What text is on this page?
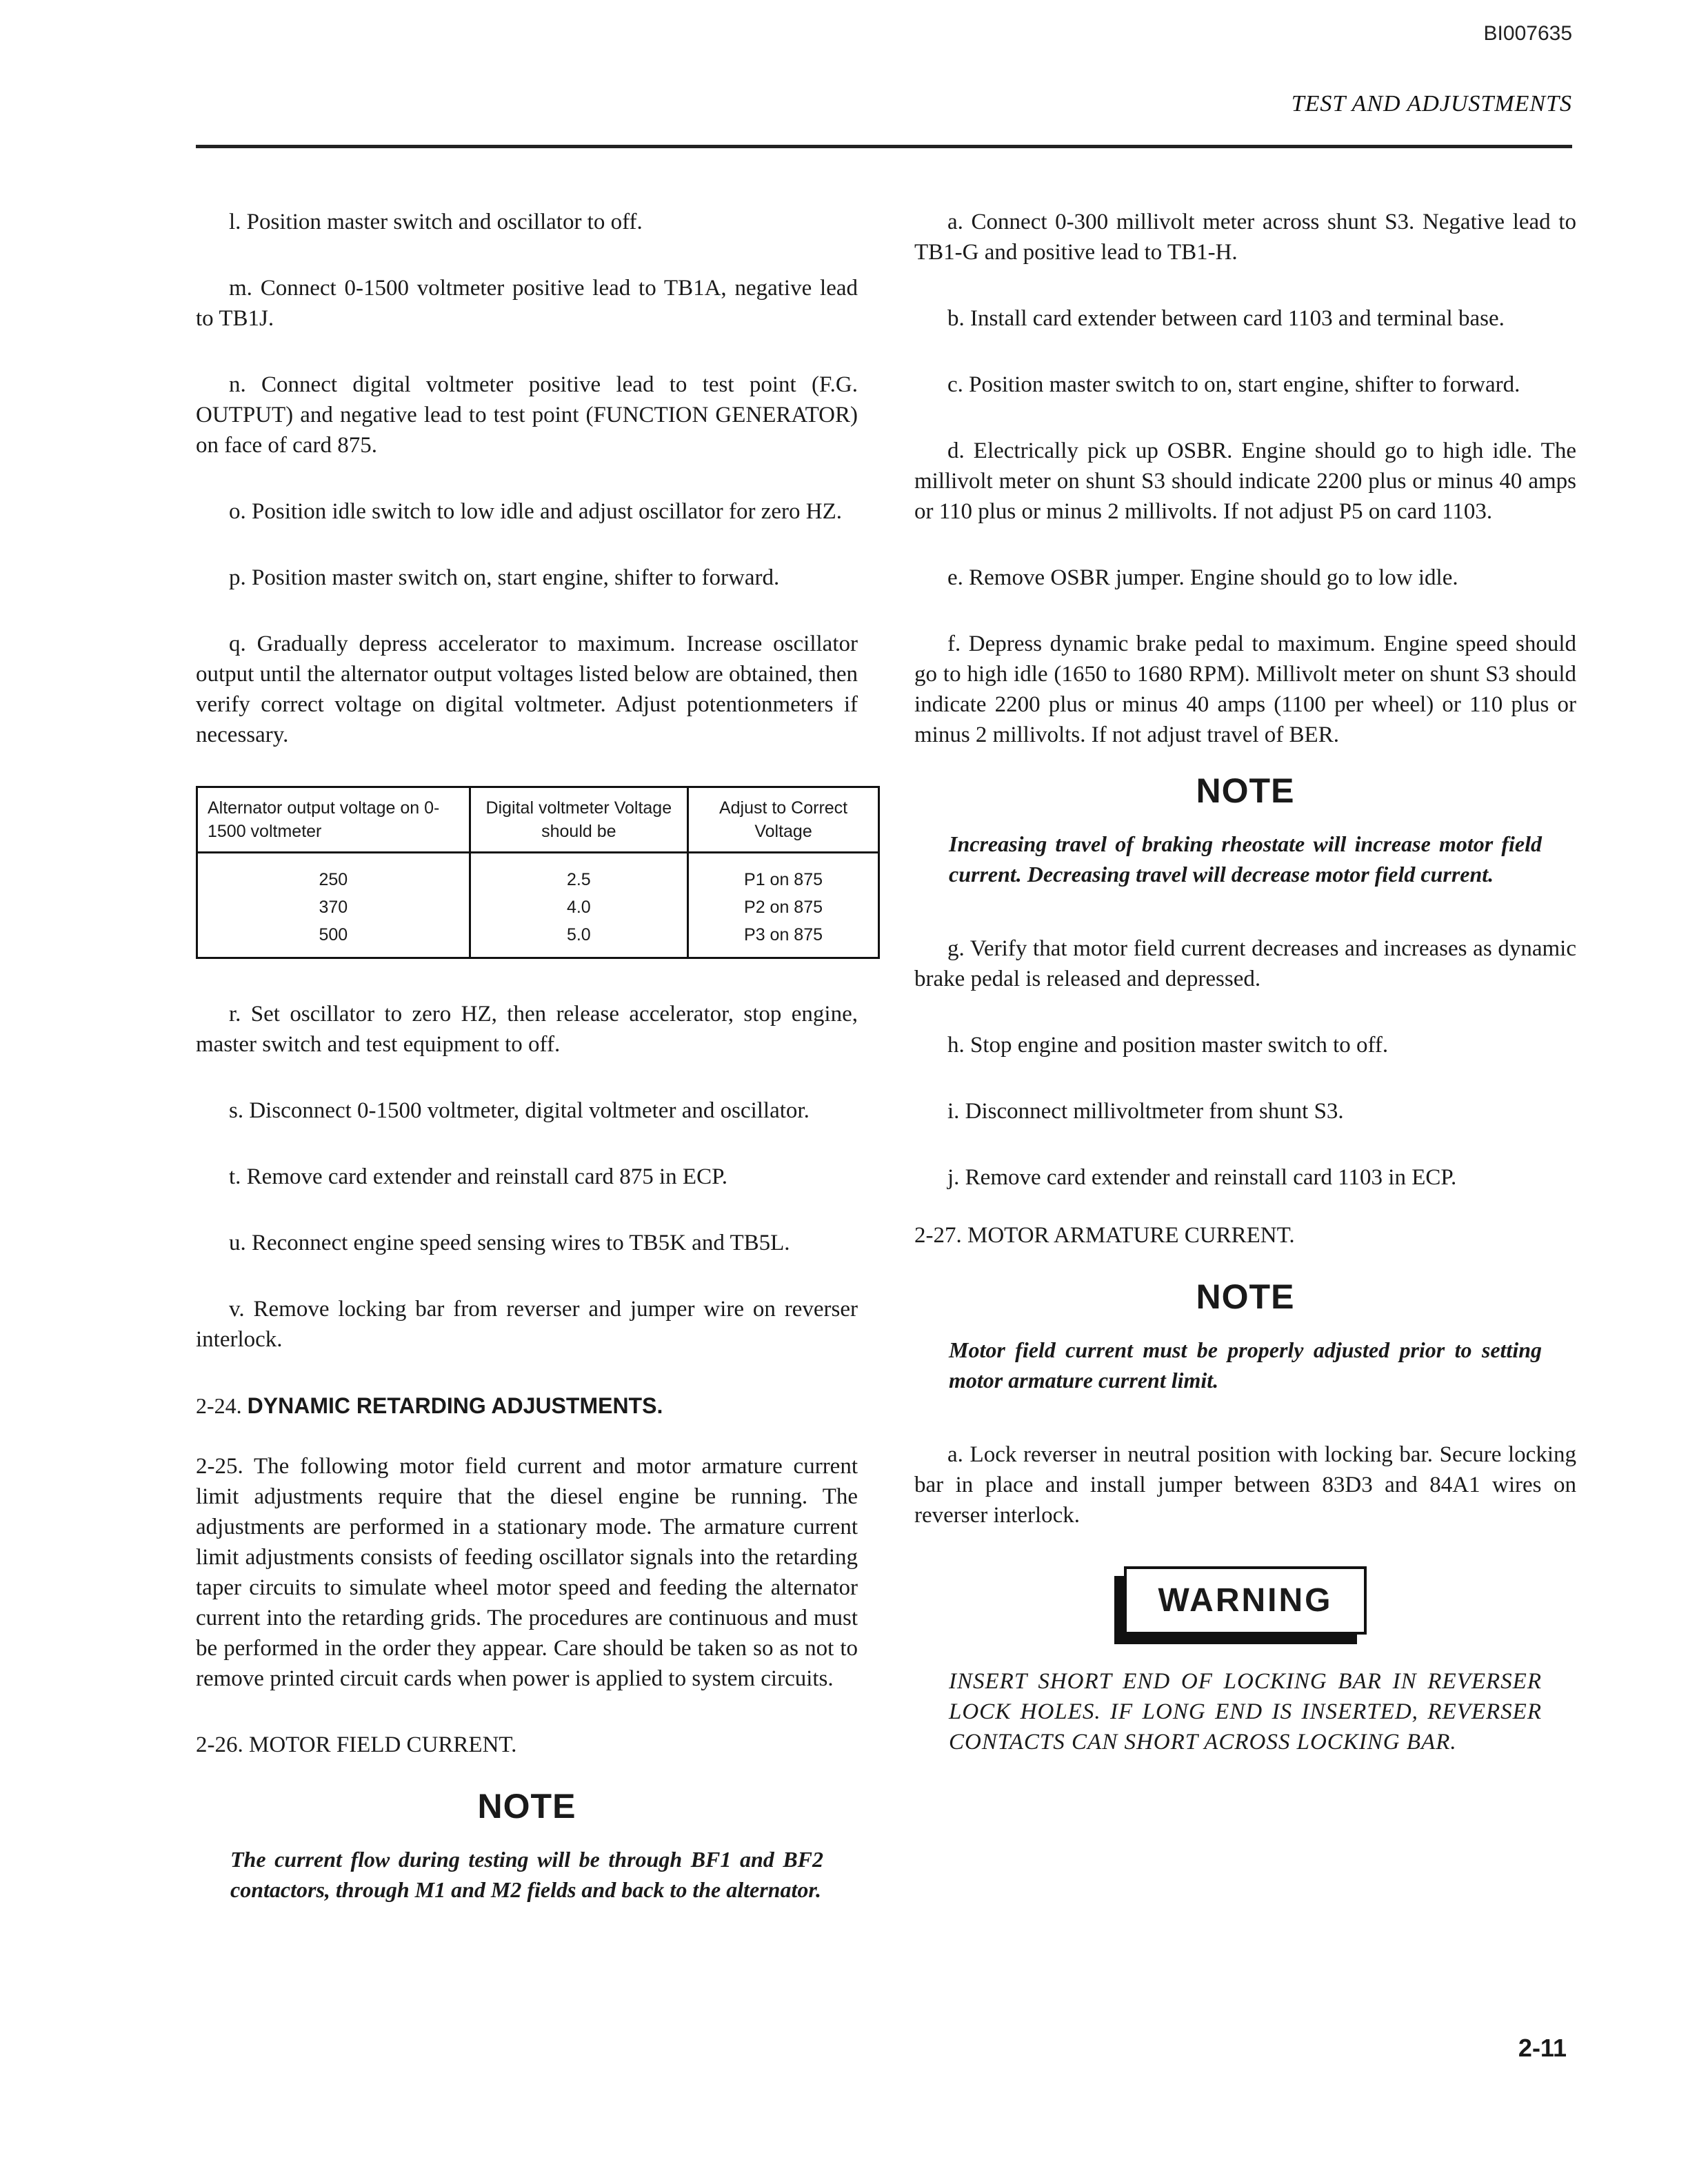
BI007635
TEST AND ADJUSTMENTS

l. Position master switch and oscillator to off.

m. Connect 0-1500 voltmeter positive lead to TB1A, negative lead to TB1J.

n. Connect digital voltmeter positive lead to test point (F.G. OUTPUT) and negative lead to test point (FUNCTION GENERATOR) on face of card 875.

o. Position idle switch to low idle and adjust oscillator for zero HZ.

p. Position master switch on, start engine, shifter to forward.

q. Gradually depress accelerator to maximum. Increase oscillator output until the alternator output voltages listed below are obtained, then verify correct voltage on digital voltmeter. Adjust potentionmeters if necessary.

Alternator output voltage on 0-1500 voltmeter	Digital voltmeter Voltage should be	Adjust to Correct Voltage
250	2.5	P1 on 875
370	4.0	P2 on 875
500	5.0	P3 on 875

r. Set oscillator to zero HZ, then release accelerator, stop engine, master switch and test equipment to off.

s. Disconnect 0-1500 voltmeter, digital voltmeter and oscillator.

t. Remove card extender and reinstall card 875 in ECP.

u. Reconnect engine speed sensing wires to TB5K and TB5L.

v. Remove locking bar from reverser and jumper wire on reverser interlock.

2-24. DYNAMIC RETARDING ADJUSTMENTS.

2-25. The following motor field current and motor armature current limit adjustments require that the diesel engine be running. The adjustments are performed in a stationary mode. The armature current limit adjustments consists of feeding oscillator signals into the retarding taper circuits to simulate wheel motor speed and feeding the alternator current into the retarding grids. The procedures are continuous and must be performed in the order they appear. Care should be taken so as not to remove printed circuit cards when power is applied to system circuits.

2-26. MOTOR FIELD CURRENT.
NOTE
The current flow during testing will be through BF1 and BF2 contactors, through M1 and M2 fields and back to the alternator.

a. Connect 0-300 millivolt meter across shunt S3. Negative lead to TB1-G and positive lead to TB1-H.

b. Install card extender between card 1103 and terminal base.

c. Position master switch to on, start engine, shifter to forward.

d. Electrically pick up OSBR. Engine should go to high idle. The millivolt meter on shunt S3 should indicate 2200 plus or minus 40 amps or 110 plus or minus 2 millivolts. If not adjust P5 on card 1103.

e. Remove OSBR jumper. Engine should go to low idle.

f. Depress dynamic brake pedal to maximum. Engine speed should go to high idle (1650 to 1680 RPM). Millivolt meter on shunt S3 should indicate 2200 plus or minus 40 amps (1100 per wheel) or 110 plus or minus 2 millivolts. If not adjust travel of BER.

NOTE
Increasing travel of braking rheostate will increase motor field current. Decreasing travel will decrease motor field current.

g. Verify that motor field current decreases and increases as dynamic brake pedal is released and depressed.

h. Stop engine and position master switch to off.

i. Disconnect millivoltmeter from shunt S3.

j. Remove card extender and reinstall card 1103 in ECP.

2-27. MOTOR ARMATURE CURRENT.
NOTE
Motor field current must be properly adjusted prior to setting motor armature current limit.

a. Lock reverser in neutral position with locking bar. Secure locking bar in place and install jumper between 83D3 and 84A1 wires on reverser interlock.

WARNING
INSERT SHORT END OF LOCKING BAR IN REVERSER LOCK HOLES. IF LONG END IS INSERTED, REVERSER CONTACTS CAN SHORT ACROSS LOCKING BAR.
2-11
